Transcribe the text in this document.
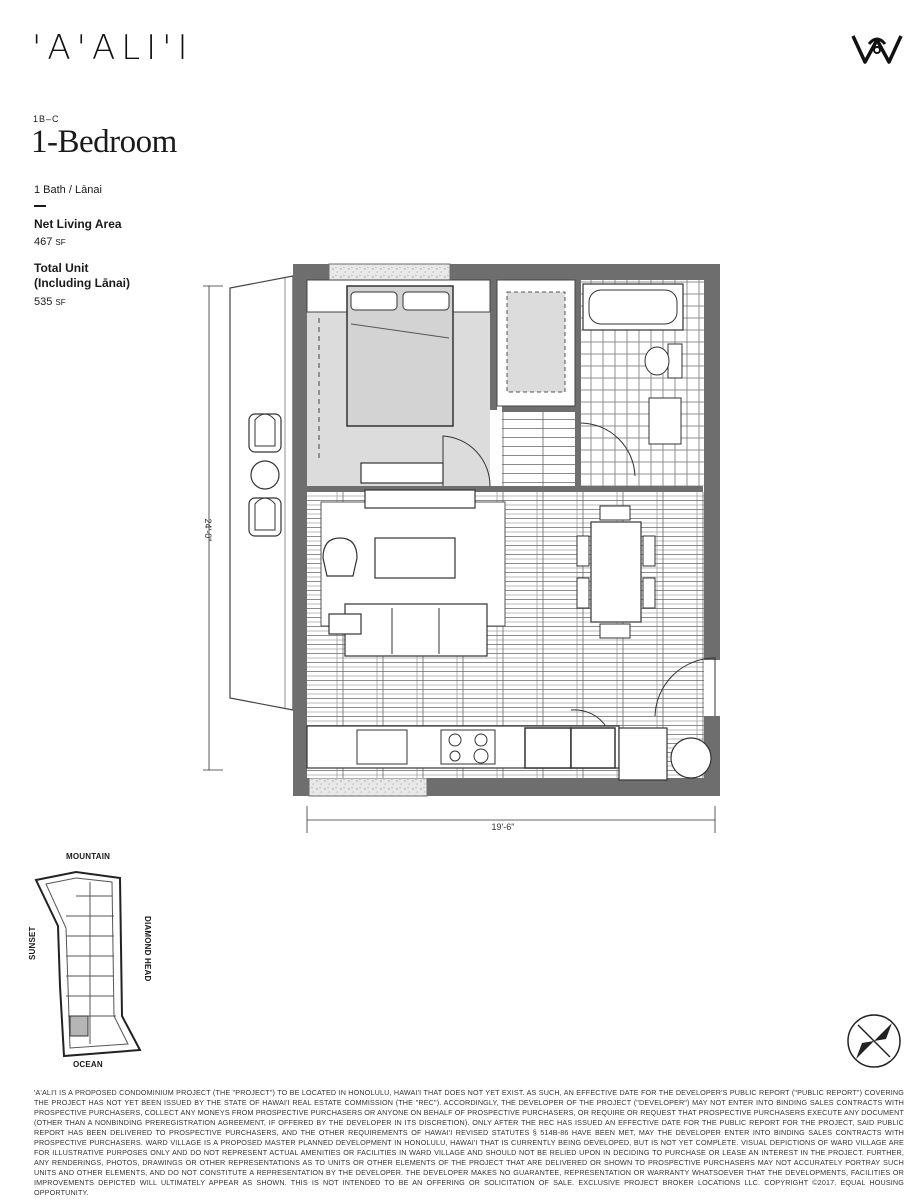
'A'ALI'I
1B–C
1-Bedroom
1 Bath / Lānai
Net Living Area
467 SF
Total Unit
(Including Lānai)
535 SF
24'-0"
19'-6"
MOUNTAIN
SUNSET	DIAMOND HEAD
OCEAN
'A'ALI'I IS A PROPOSED CONDOMINIUM PROJECT (THE "PROJECT") TO BE LOCATED IN HONOLULU, HAWAI'I THAT DOES NOT YET EXIST. AS SUCH, AN EFFECTIVE DATE FOR THE DEVELOPER'S PUBLIC REPORT ("PUBLIC REPORT") COVERING THE PROJECT HAS NOT YET BEEN ISSUED BY THE STATE OF HAWAI'I REAL ESTATE COMMISSION (THE "REC"). ACCORDINGLY, THE DEVELOPER OF THE PROJECT ("DEVELOPER") MAY NOT ENTER INTO BINDING SALES CONTRACTS WITH PROSPECTIVE PURCHASERS, COLLECT ANY MONEYS FROM PROSPECTIVE PURCHASERS OR ANYONE ON BEHALF OF PROSPECTIVE PURCHASERS, OR REQUIRE OR REQUEST THAT PROSPECTIVE PURCHASERS EXECUTE ANY DOCUMENT (OTHER THAN A NONBINDING PREREGISTRATION AGREEMENT, IF OFFERED BY THE DEVELOPER IN ITS DISCRETION). ONLY AFTER THE REC HAS ISSUED AN EFFECTIVE DATE FOR THE PUBLIC REPORT FOR THE PROJECT, SAID PUBLIC REPORT HAS BEEN DELIVERED TO PROSPECTIVE PURCHASERS, AND THE OTHER REQUIREMENTS OF HAWAI'I REVISED STATUTES § 514B-86 HAVE BEEN MET, MAY THE DEVELOPER ENTER INTO BINDING SALES CONTRACTS WITH PROSPECTIVE PURCHASERS. WARD VILLAGE IS A PROPOSED MASTER PLANNED DEVELOPMENT IN HONOLULU, HAWAI'I THAT IS CURRENTLY BEING DEVELOPED, BUT IS NOT YET COMPLETE. VISUAL DEPICTIONS OF WARD VILLAGE ARE FOR ILLUSTRATIVE PURPOSES ONLY AND DO NOT REPRESENT ACTUAL AMENITIES OR FACILITIES IN WARD VILLAGE AND SHOULD NOT BE RELIED UPON IN DECIDING TO PURCHASE OR LEASE AN INTEREST IN THE PROJECT. FURTHER, ANY RENDERINGS, PHOTOS, DRAWINGS OR OTHER REPRESENTATIONS AS TO UNITS OR OTHER ELEMENTS OF THE PROJECT THAT ARE DELIVERED OR SHOWN TO PROSPECTIVE PURCHASERS MAY NOT ACCURATELY PORTRAY SUCH UNITS AND OTHER ELEMENTS, AND DO NOT CONSTITUTE A REPRESENTATION BY THE DEVELOPER. THE DEVELOPER MAKES NO GUARANTEE, REPRESENTATION OR WARRANTY WHATSOEVER THAT THE DEVELOPMENTS, FACILITIES OR IMPROVEMENTS DEPICTED WILL ULTIMATELY APPEAR AS SHOWN. THIS IS NOT INTENDED TO BE AN OFFERING OR SOLICITATION OF SALE. EXCLUSIVE PROJECT BROKER LOCATIONS LLC. COPYRIGHT ©2017. EQUAL HOUSING OPPORTUNITY.
